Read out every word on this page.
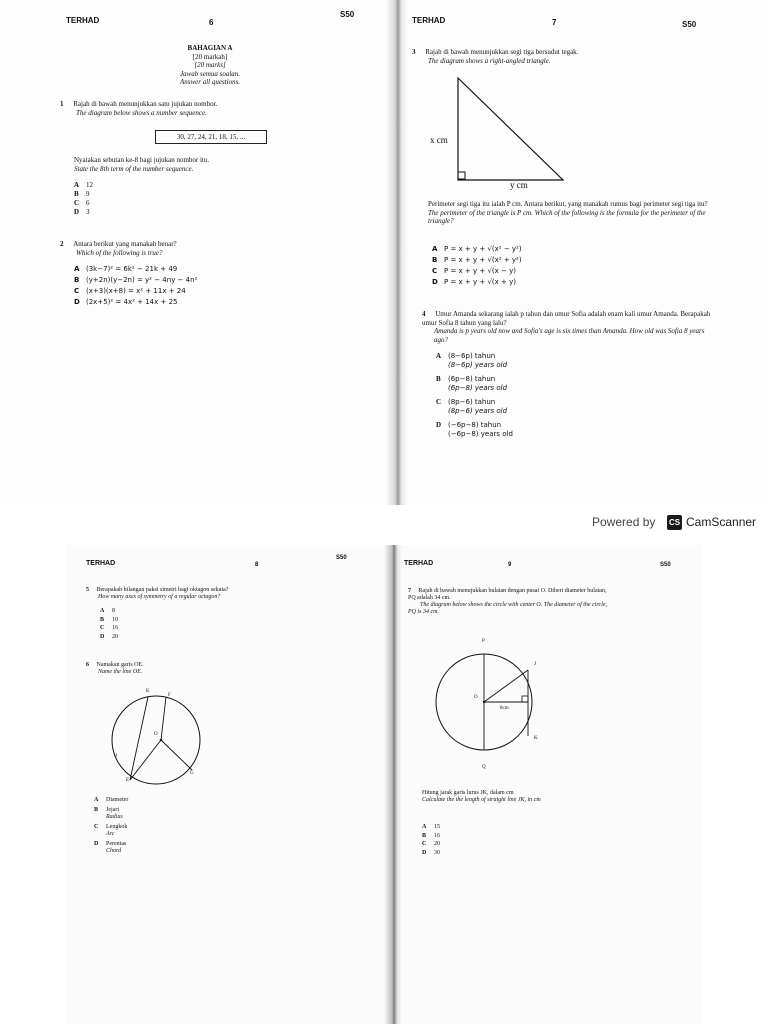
TERHAD	6
BAHAGIAN A
[20 markah]
[20 marks]
Jawab semua soalan.
Answer all questions.
1 Rajah di bawah menunjukkan satu jujukan nombor.
The diagram below shows a number sequence.
30, 27, 24, 21, 18, 15, ...
Nyatakan sebutan ke-8 bagi jujukan nombor itu.
State the 8th term of the number sequence.
A 12
B 9
C 6
D 3
2 Antara berikut yang manakah benar?
Which of the following is true?
A (3k−7)² = 6k² − 21k + 49
B (y+2n)(y−2n) = y² − 4ny − 4n²
C (x+3)(x+8) = x² + 11x + 24
D (2x+5)² = 4x² + 14x + 25
S50
TERHAD	7	S50
3 Rajah di bawah menunjukkan segi tiga bersudut tegak.
The diagram shows a right-angled triangle.
x cm
y cm
Perimeter segi tiga itu ialah P cm. Antara berikut, yang manakah rumus bagi perimeter segi tiga itu?
The perimeter of the triangle is P cm. Which of the following is the formula for the perimeter of the triangle?
A P = x + y + √(x² − y²)
B P = x + y + √(x² + y²)
C P = x + y + √(x − y)
D P = x + y + √(x + y)
4 Umur Amanda sekarang ialah p tahun dan umur Sofia adalah enam kali umur Amanda. Berapakah umur Sofia 8 tahun yang lalu?
Amanda is p years old now and Sofia's age is six times than Amanda. How old was Sofia 8 years ago?
A (8−6p) tahun
(8−6p) years old
B (6p−8) tahun
(6p−8) years old
C (8p−6) tahun
(8p−6) years old
D (−6p−8) tahun
(−6p−8) years old
Powered by CS CamScanner
TERHAD	8
5 Berapakah bilangan paksi simetri bagi oktagon sekata?
How many axes of symmetry of a regular octagon?
A 8
B 10
C 16
D 20
6 Namakan garis OE.
Name the line OE.
K
F
O
J
E
G
A Diameter
B Jejari
Radius
C Lengkok
Arc
D Perentas
Chord
S50
TERHAD	9	S50
7 Rajah di bawah menujukkan bulatan dengan pusat O. Diberi diameter bulatan, PQ adalah 34 cm.
The diagram below shows the circle with center O. The diameter of the circle, PQ is 34 cm.
P
J
O
8cm
K
Q
Hitung jarak garis lurus JK, dalam cm
Calculate the the length of straight line JK, in cm
A 15
B 16
C 20
D 30
